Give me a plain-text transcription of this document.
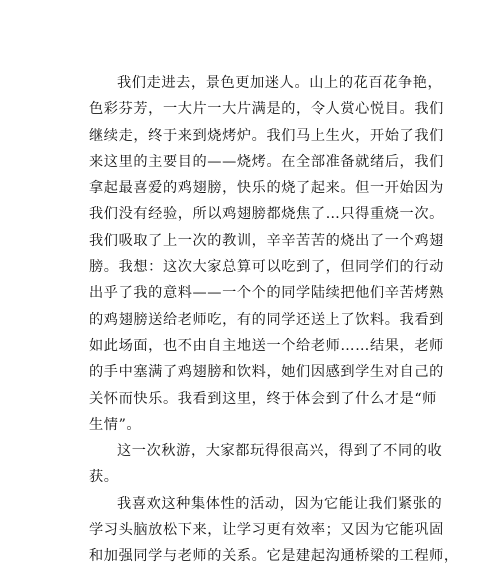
我们走进去，景色更加迷人。山上的花百花争艳，
色彩芬芳，一大片一大片满是的，令人赏心悦目。我们
继续走，终于来到烧烤炉。我们马上生火，开始了我们
来这里的主要目的——烧烤。在全部准备就绪后，我们
拿起最喜爱的鸡翅膀，快乐的烧了起来。但一开始因为
我们没有经验，所以鸡翅膀都烧焦了…只得重烧一次。
我们吸取了上一次的教训，辛辛苦苦的烧出了一个鸡翅
膀。我想：这次大家总算可以吃到了，但同学们的行动
出乎了我的意料——一个个的同学陆续把他们辛苦烤熟
的鸡翅膀送给老师吃，有的同学还送上了饮料。我看到
如此场面，也不由自主地送一个给老师……结果，老师
的手中塞满了鸡翅膀和饮料，她们因感到学生对自己的
关怀而快乐。我看到这里，终于体会到了什么才是“师
生情”。
这一次秋游，大家都玩得很高兴，得到了不同的收
获。
我喜欢这种集体性的活动，因为它能让我们紧张的
学习头脑放松下来，让学习更有效率；又因为它能巩固
和加强同学与老师的关系。它是建起沟通桥梁的工程师，
